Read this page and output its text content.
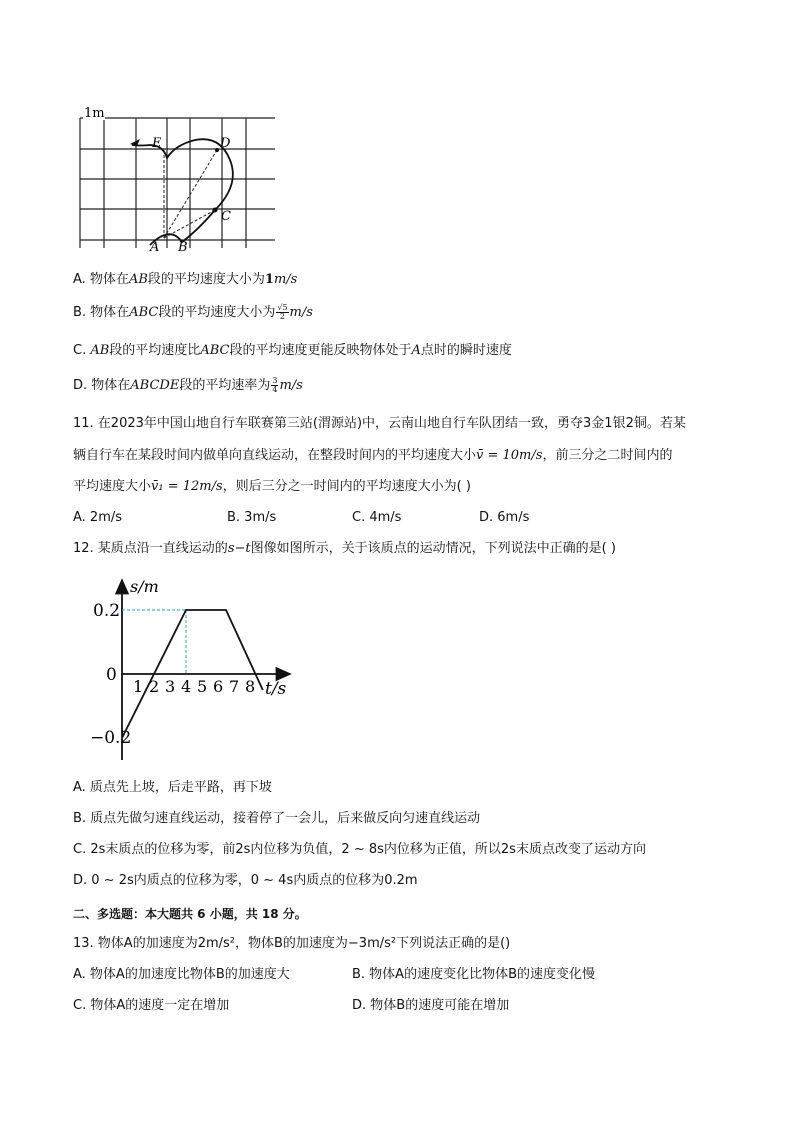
1m
E	D
C
A B
A. 物体在AB段的平均速度大小为1m/s
B. 物体在ABC段的平均速度大小为 $\frac{√5}{2} m/s$
C. AB段的平均速度比ABC段的平均速度更能反映物体处于A点时的瞬时速度
D. 物体在ABCDE段的平均速率为 $\frac{3}{4} m/s$
11. 在2023年中国山地自行车联赛第三站(渭源站)中，云南山地自行车队团结一致，勇夺3金1银2铜。若某
辆自行车在某段时间内做单向直线运动，在整段时间内的平均速度大小v̄ = 10m/s，前三分之二时间内的
平均速度大小v̄₁ = 12m/s，则后三分之一时间内的平均速度大小为( )
A. 2m/s	B. 3m/s	C. 4m/s	D. 6m/s
12. 某质点沿一直线运动的s−t图像如图所示，关于该质点的运动情况，下列说法中正确的是( )
s/m
t/s
0.2
0
−0.2
1 2 3 4 5 6 7 8
A. 质点先上坡，后走平路，再下坡
B. 质点先做匀速直线运动，接着停了一会儿，后来做反向匀速直线运动
C. 2s末质点的位移为零，前2s内位移为负值，2 ~ 8s内位移为正值，所以2s末质点改变了运动方向
D. 0 ~ 2s内质点的位移为零，0 ~ 4s内质点的位移为0.2m
二、多选题：本大题共 6 小题，共 18 分。
13. 物体A的加速度为2m/s²，物体B的加速度为−3m/s²下列说法正确的是()
A. 物体A的加速度比物体B的加速度大	B. 物体A的速度变化比物体B的速度变化慢
C. 物体A的速度一定在增加	D. 物体B的速度可能在增加
